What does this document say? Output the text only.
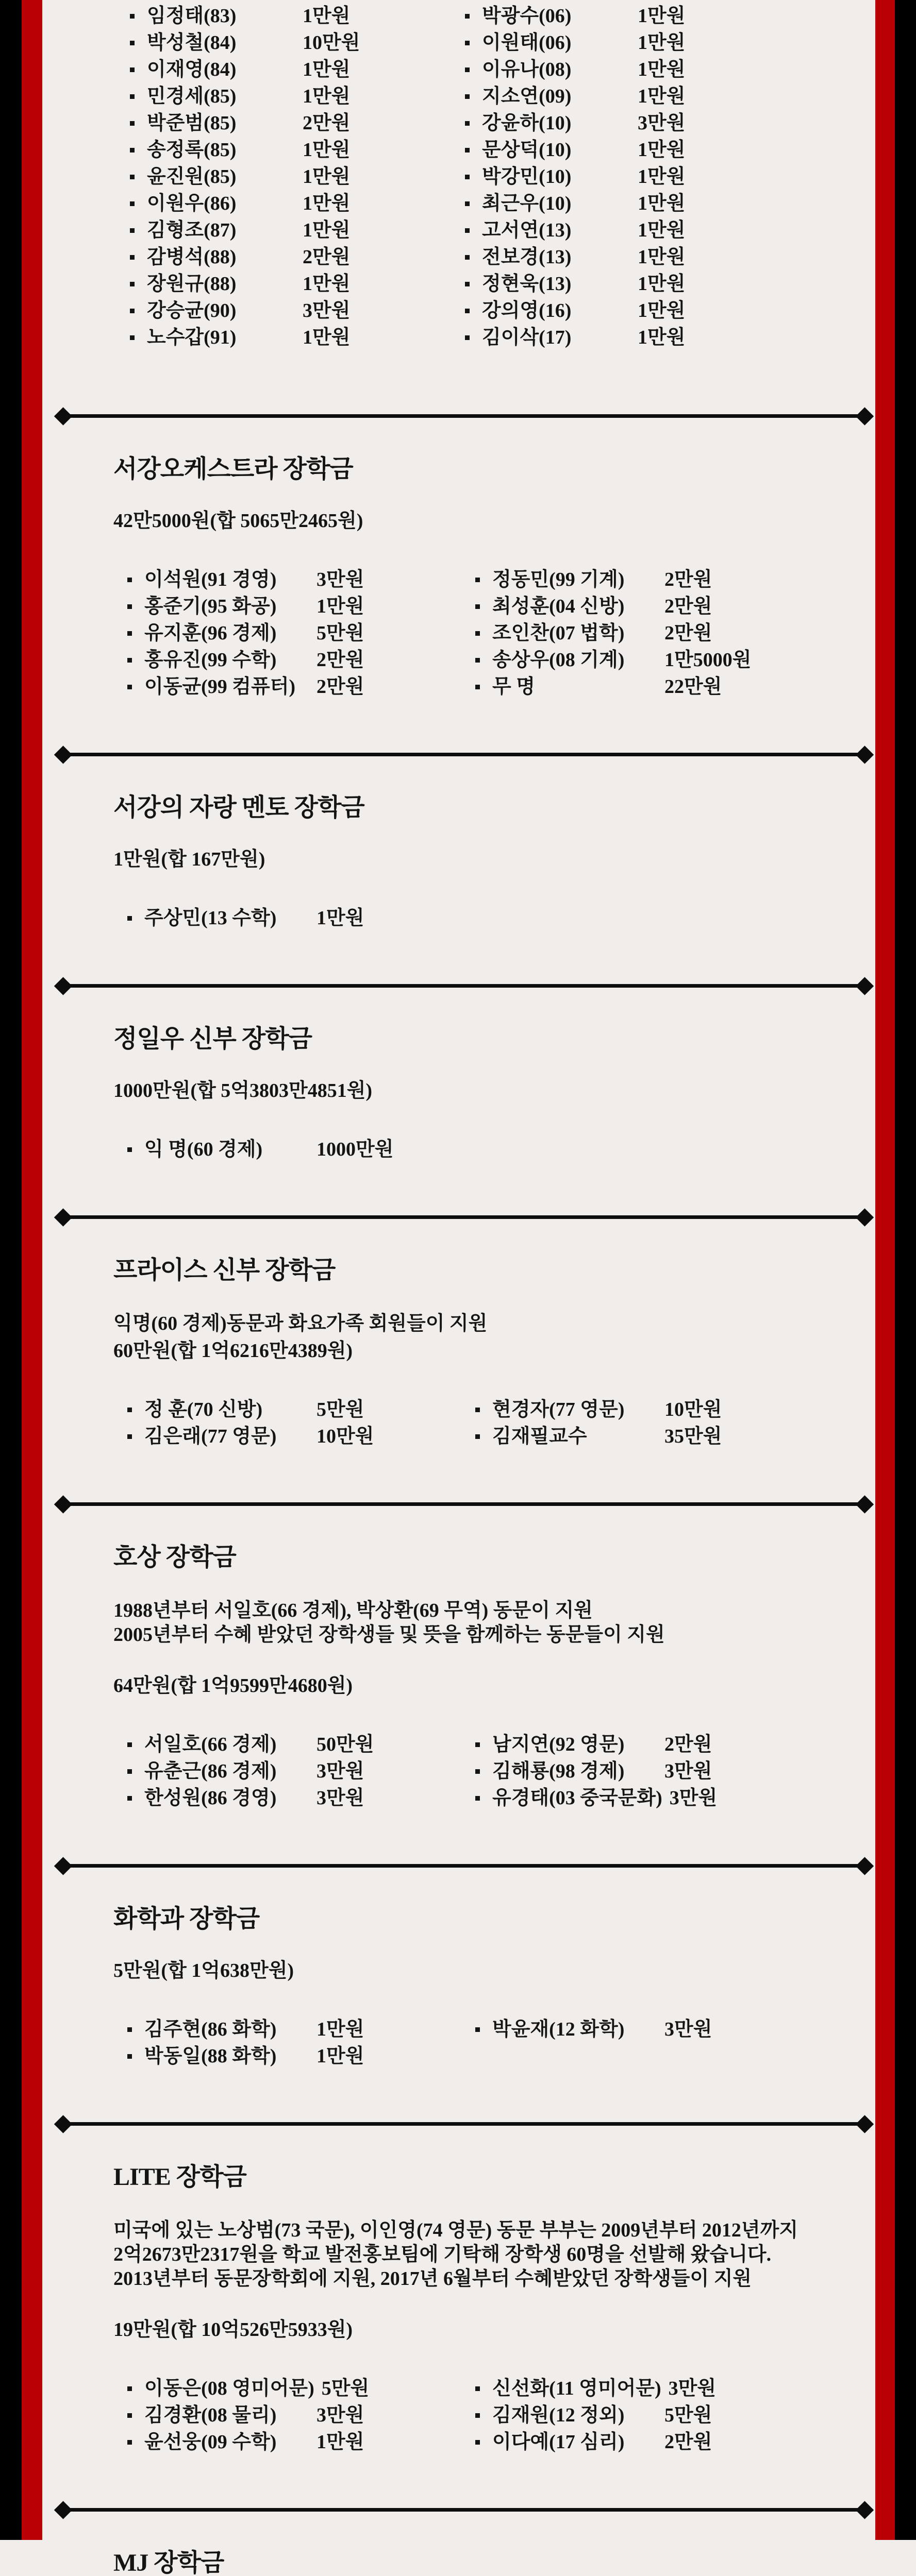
임정태(83)	1만원
박성철(84)	10만원
이재영(84)	1만원
민경세(85)	1만원
박준범(85)	2만원
송정록(85)	1만원
윤진원(85)	1만원
이원우(86)	1만원
김형조(87)	1만원
감병석(88)	2만원
장원규(88)	1만원
강승균(90)	3만원
노수갑(91)	1만원
박광수(06)	1만원
이원태(06)	1만원
이유나(08)	1만원
지소연(09)	1만원
강윤하(10)	3만원
문상덕(10)	1만원
박강민(10)	1만원
최근우(10)	1만원
고서연(13)	1만원
전보경(13)	1만원
정현욱(13)	1만원
강의영(16)	1만원
김이삭(17)	1만원
서강오케스트라 장학금
42만5000원(합 5065만2465원)
이석원(91 경영)	3만원
홍준기(95 화공)	1만원
유지훈(96 경제)	5만원
홍유진(99 수학)	2만원
이동균(99 컴퓨터)	2만원
정동민(99 기계)	2만원
최성훈(04 신방)	2만원
조인찬(07 법학)	2만원
송상우(08 기계)	1만5000원
무 명	22만원
서강의 자랑 멘토 장학금
1만원(합 167만원)
주상민(13 수학)	1만원
정일우 신부 장학금
1000만원(합 5억3803만4851원)
익 명(60 경제)	1000만원
프라이스 신부 장학금

익명(60 경제)동문과 화요가족 회원들이 지원

60만원(합 1억6216만4389원)
정 훈(70 신방)	5만원
김은래(77 영문)	10만원
현경자(77 영문)	10만원
김재필교수	35만원
호상 장학금

1988년부터 서일호(66 경제), 박상환(69 무역) 동문이 지원

2005년부터 수혜 받았던 장학생들 및 뜻을 함께하는 동문들이 지원

64만원(합 1억9599만4680원)
서일호(66 경제)	50만원
유춘근(86 경제)	3만원
한성원(86 경영)	3만원
남지연(92 영문)	2만원
김해룡(98 경제)	3만원
유경태(03 중국문화) 3만원
화학과 장학금
5만원(합 1억638만원)
김주현(86 화학)	1만원
박동일(88 화학)	1만원
박윤재(12 화학)	3만원
LITE 장학금

미국에 있는 노상범(73 국문), 이인영(74 영문) 동문 부부는 2009년부터 2012년까지

2억2673만2317원을 학교 발전홍보팀에 기탁해 장학생 60명을 선발해 왔습니다.

2013년부터 동문장학회에 지원, 2017년 6월부터 수혜받았던 장학생들이 지원

19만원(합 10억526만5933원)
이동은(08 영미어문) 5만원
김경환(08 물리)	3만원
윤선웅(09 수학)	1만원
신선화(11 영미어문) 3만원
김재원(12 정외)	5만원
이다예(17 심리)	2만원
MJ 장학금
